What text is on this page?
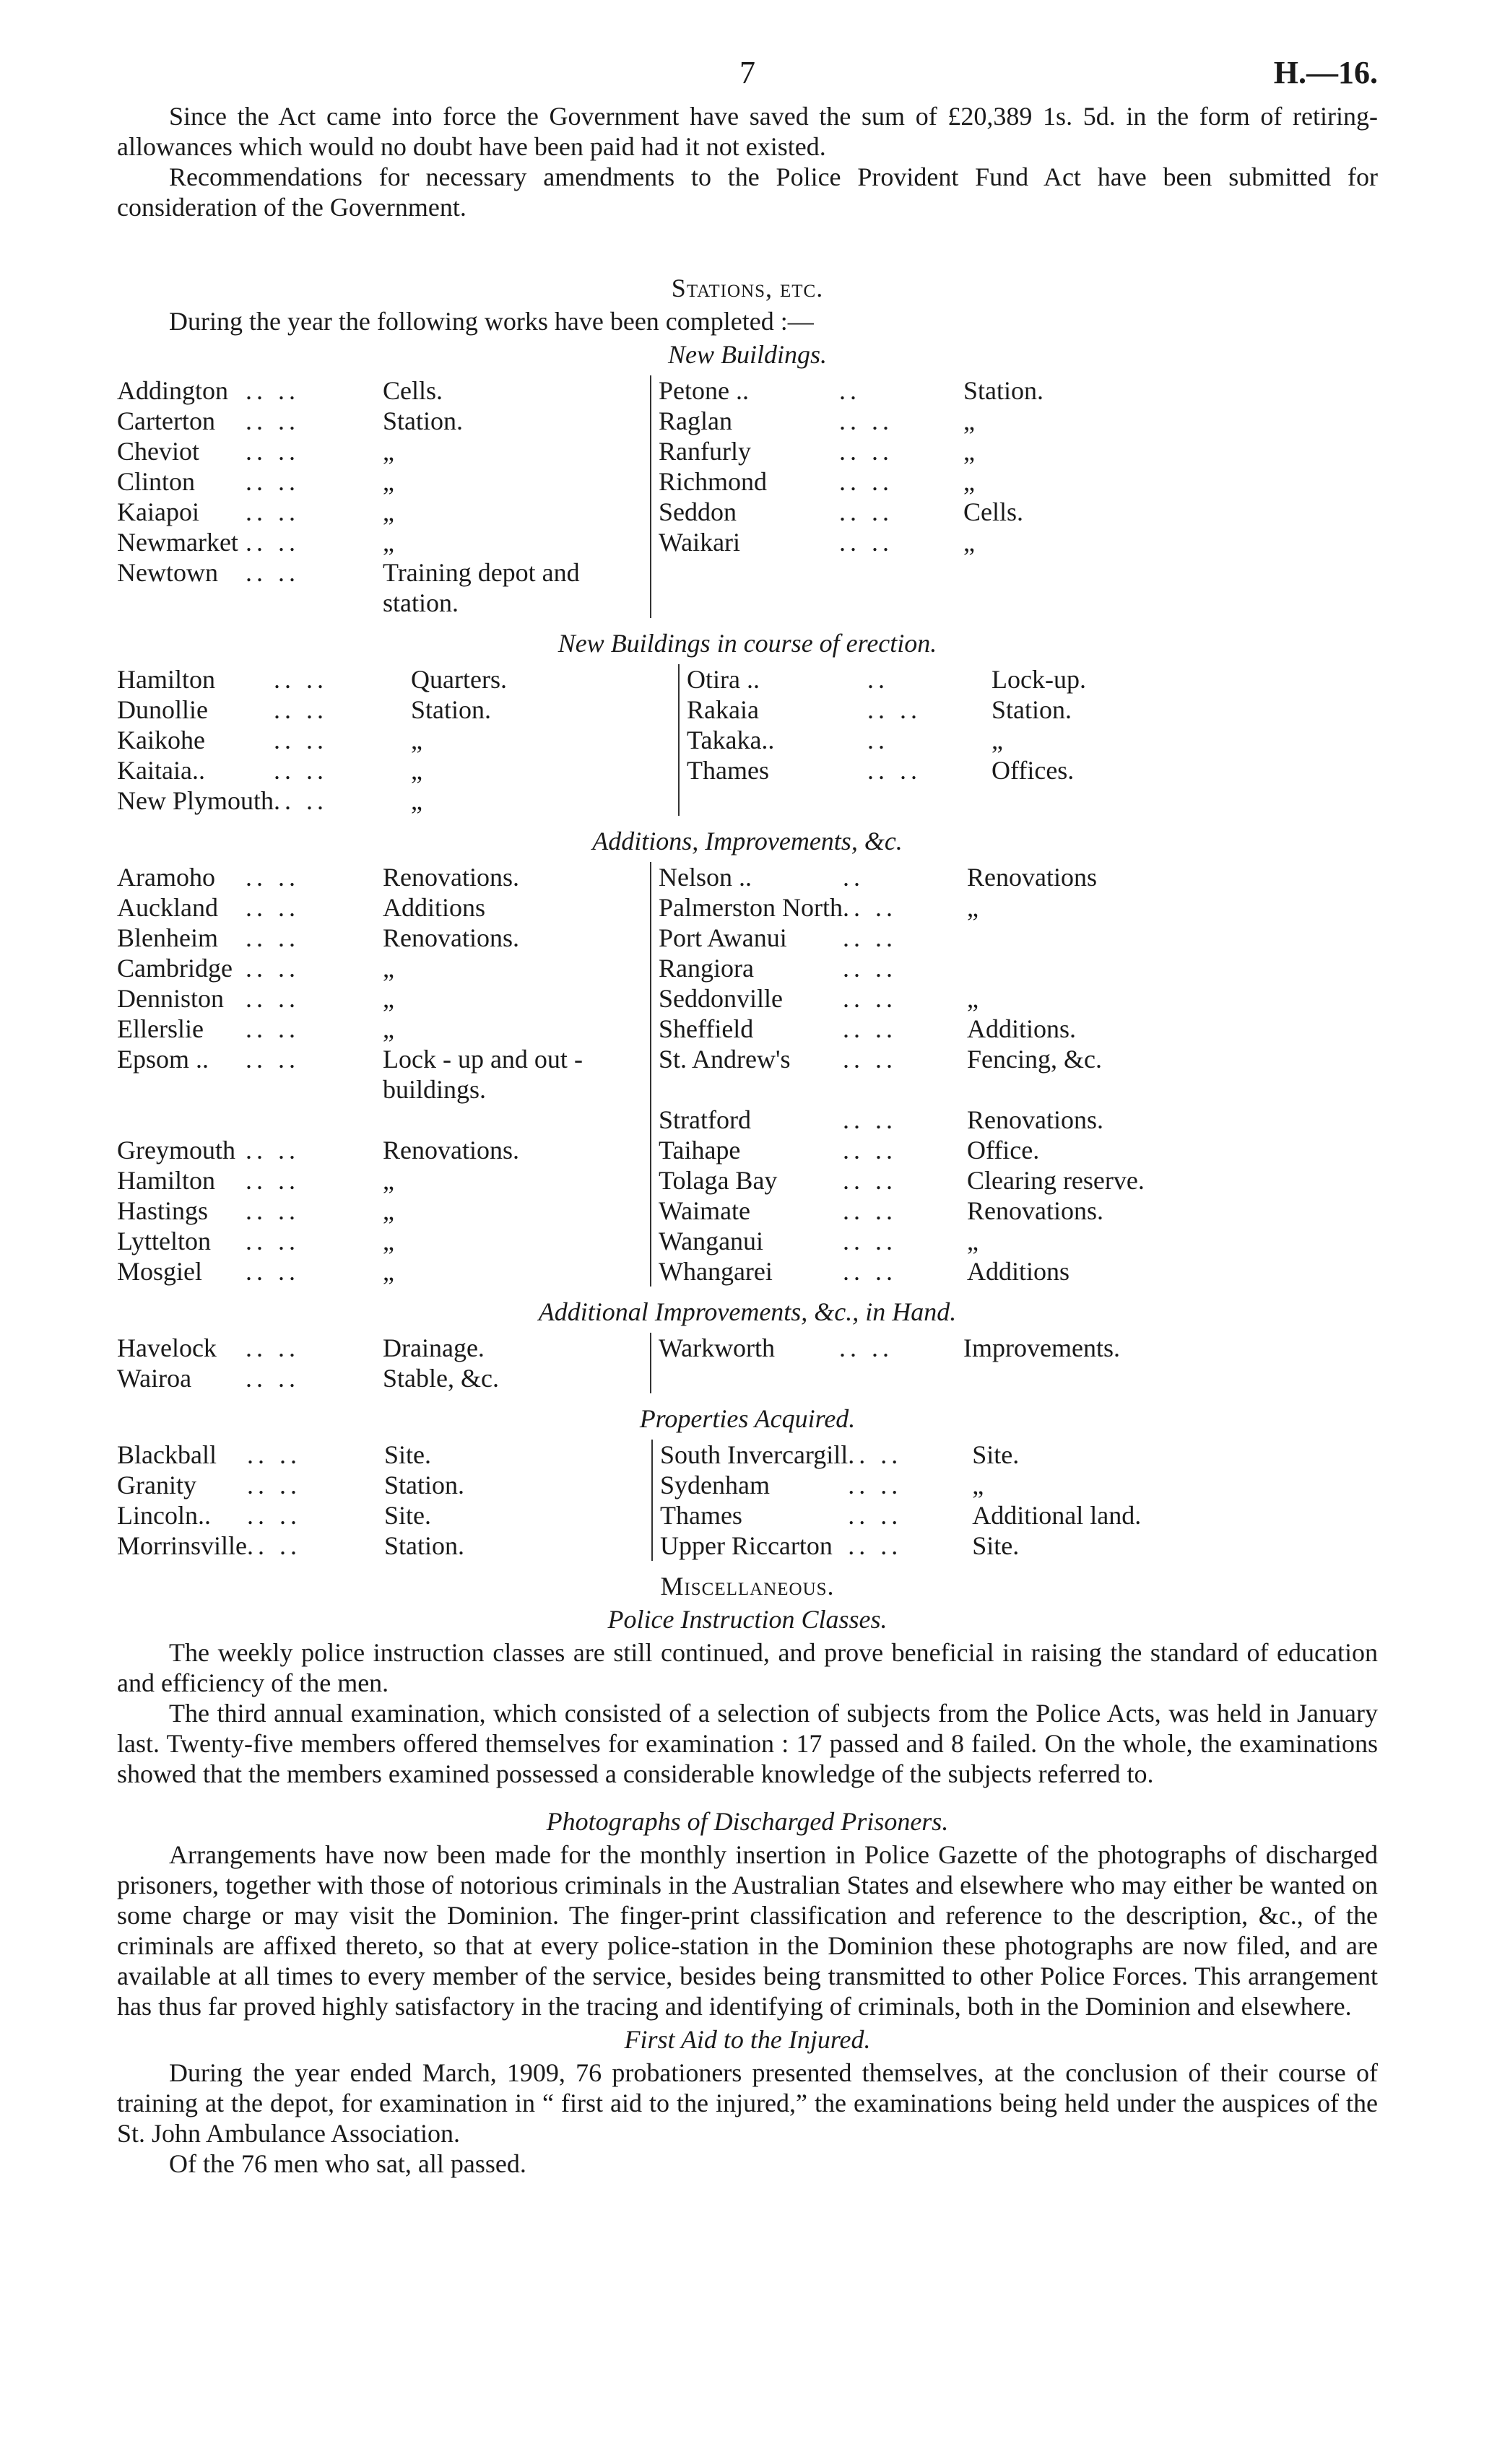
7	H.—16.

Since the Act came into force the Government have saved the sum of £20,389 1s. 5d. in the form of retiring-allowances which would no doubt have been paid had it not existed.

Recommendations for necessary amendments to the Police Provident Fund Act have been submitted for consideration of the Government.

Stations, etc.

During the year the following works have been completed :—

New Buildings.
Addington	.. ..	Cells.	Petone ..	..	Station.
Carterton	.. ..	Station.	Raglan	.. ..	„
Cheviot	.. ..	„	Ranfurly	.. ..	„
Clinton	.. ..	„	Richmond	.. ..	„
Kaiapoi	.. ..	„	Seddon	.. ..	Cells.
Newmarket	.. ..	„	Waikari	.. ..	„
Newtown	.. ..	Training depot and station.			
New Buildings in course of erection.
Hamilton	.. ..	Quarters.	Otira ..	..	Lock-up.
Dunollie	.. ..	Station.	Rakaia	.. ..	Station.
Kaikohe	.. ..	„	Takaka..	..	„
Kaitaia..	.. ..	„	Thames	.. ..	Offices.
New Plymouth	.. ..	„			
Additions, Improvements, &c.
Aramoho	.. ..	Renovations.	Nelson ..	..	Renovations
Auckland	.. ..	Additions	Palmerston North	.. ..	„
Blenheim	.. ..	Renovations.	Port Awanui	.. ..	
Cambridge	.. ..	„	Rangiora	.. ..	
Denniston	.. ..	„	Seddonville	.. ..	„
Ellerslie	.. ..	„	Sheffield	.. ..	Additions.
Epsom ..	.. ..	Lock - up and out - buildings.	St. Andrew's	.. ..	Fencing, &c.
			Stratford	.. ..	Renovations.
Greymouth	.. ..	Renovations.	Taihape	.. ..	Office.
Hamilton	.. ..	„	Tolaga Bay	.. ..	Clearing reserve.
Hastings	.. ..	„	Waimate	.. ..	Renovations.
Lyttelton	.. ..	„	Wanganui	.. ..	„
Mosgiel	.. ..	„	Whangarei	.. ..	Additions
Additional Improvements, &c., in Hand.
Havelock	.. ..	Drainage.	Warkworth	.. ..	Improvements.
Wairoa	.. ..	Stable, &c.			
Properties Acquired.
Blackball	.. ..	Site.	South Invercargill	.. ..	Site.
Granity	.. ..	Station.	Sydenham	.. ..	„
Lincoln..	.. ..	Site.	Thames	.. ..	Additional land.
Morrinsville	.. ..	Station.	Upper Riccarton	.. ..	Site.
Miscellaneous.
Police Instruction Classes.

The weekly police instruction classes are still continued, and prove beneficial in raising the standard of education and efficiency of the men.

The third annual examination, which consisted of a selection of subjects from the Police Acts, was held in January last. Twenty-five members offered themselves for examination : 17 passed and 8 failed. On the whole, the examinations showed that the members examined possessed a considerable knowledge of the subjects referred to.

Photographs of Discharged Prisoners.

Arrangements have now been made for the monthly insertion in Police Gazette of the photographs of discharged prisoners, together with those of notorious criminals in the Australian States and elsewhere who may either be wanted on some charge or may visit the Dominion. The finger-print classification and reference to the description, &c., of the criminals are affixed thereto, so that at every police-station in the Dominion these photographs are now filed, and are available at all times to every member of the service, besides being transmitted to other Police Forces. This arrangement has thus far proved highly satisfactory in the tracing and identifying of criminals, both in the Dominion and elsewhere.

First Aid to the Injured.

During the year ended March, 1909, 76 probationers presented themselves, at the conclusion of their course of training at the depot, for examination in “ first aid to the injured,” the examinations being held under the auspices of the St. John Ambulance Association.

Of the 76 men who sat, all passed.
